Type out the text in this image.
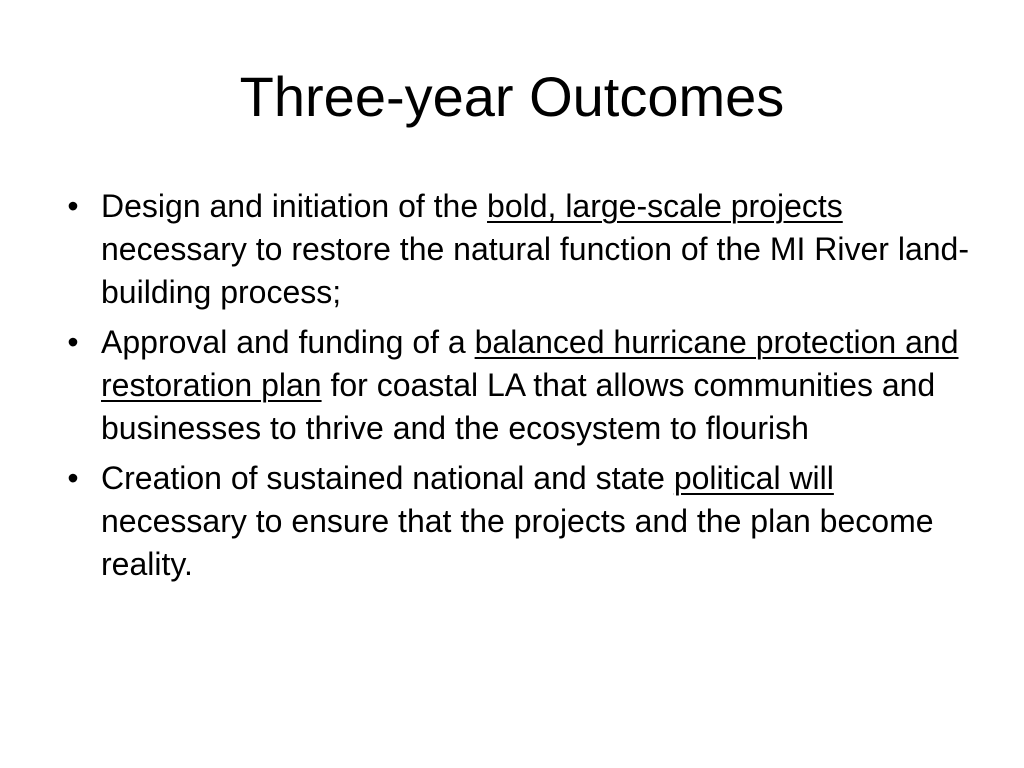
Three-year Outcomes
• Design and initiation of the bold, large-scale projects necessary to restore the natural function of the MI River land-building process;
• Approval and funding of a balanced hurricane protection and restoration plan for coastal LA that allows communities and businesses to thrive and the ecosystem to flourish
• Creation of sustained national and state political will necessary to ensure that the projects and the plan become reality.
